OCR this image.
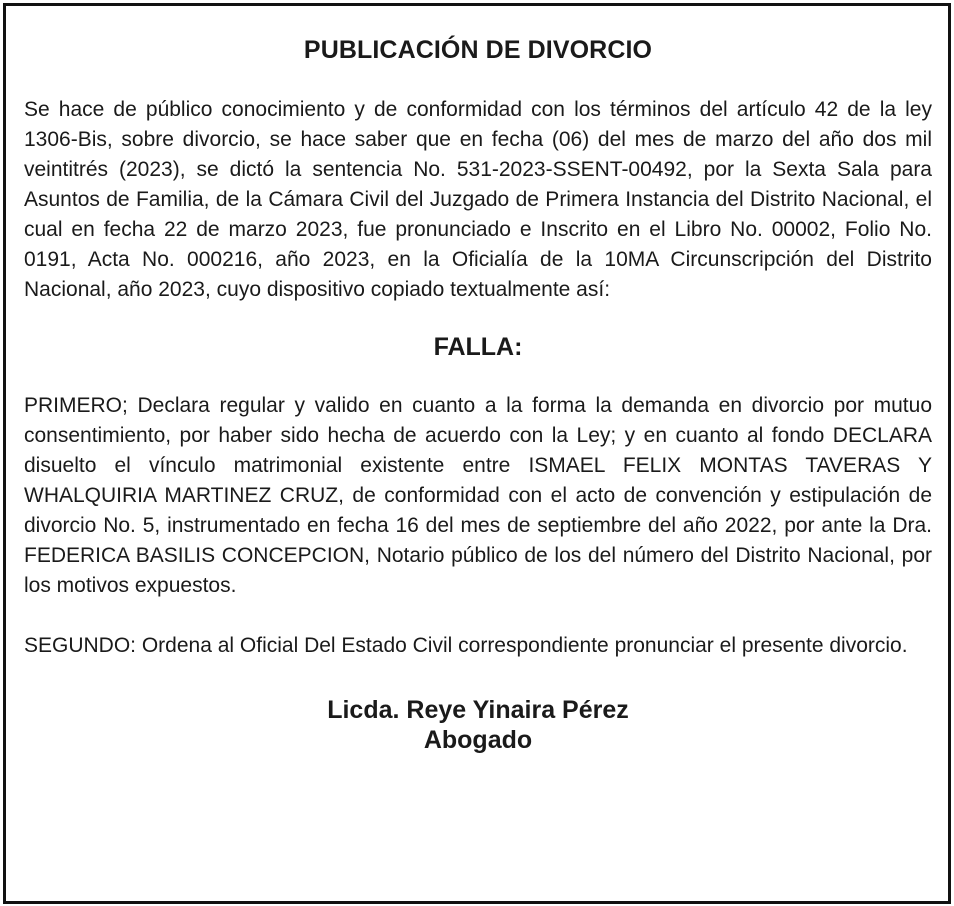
PUBLICACIÓN DE DIVORCIO

Se hace de público conocimiento y de conformidad con los términos del artículo 42 de la ley 1306-Bis, sobre divorcio, se hace saber que en fecha (06) del mes de marzo del año dos mil veintitrés (2023), se dictó la sentencia No. 531-2023-SSENT-00492, por la Sexta Sala para Asuntos de Familia, de la Cámara Civil del Juzgado de Primera Instancia del Distrito Nacional, el cual en fecha 22 de marzo 2023, fue pronunciado e Inscrito en el Libro No. 00002, Folio No. 0191, Acta No. 000216, año 2023, en la Oficialía de la 10MA Circunscripción del Distrito Nacional, año 2023, cuyo dispositivo copiado textualmente así:

FALLA:

PRIMERO; Declara regular y valido en cuanto a la forma la demanda en divorcio por mutuo consentimiento, por haber sido hecha de acuerdo con la Ley; y en cuanto al fondo DECLARA disuelto el vínculo matrimonial existente entre ISMAEL FELIX MONTAS TAVERAS Y WHALQUIRIA MARTINEZ CRUZ, de conformidad con el acto de convención y estipulación de divorcio No. 5, instrumentado en fecha 16 del mes de septiembre del año 2022, por ante la Dra. FEDERICA BASILIS CONCEPCION, Notario público de los del número del Distrito Nacional, por los motivos expuestos.

SEGUNDO: Ordena al Oficial Del Estado Civil correspondiente pronunciar el presente divorcio.

Licda. Reye Yinaira Pérez
Abogado
